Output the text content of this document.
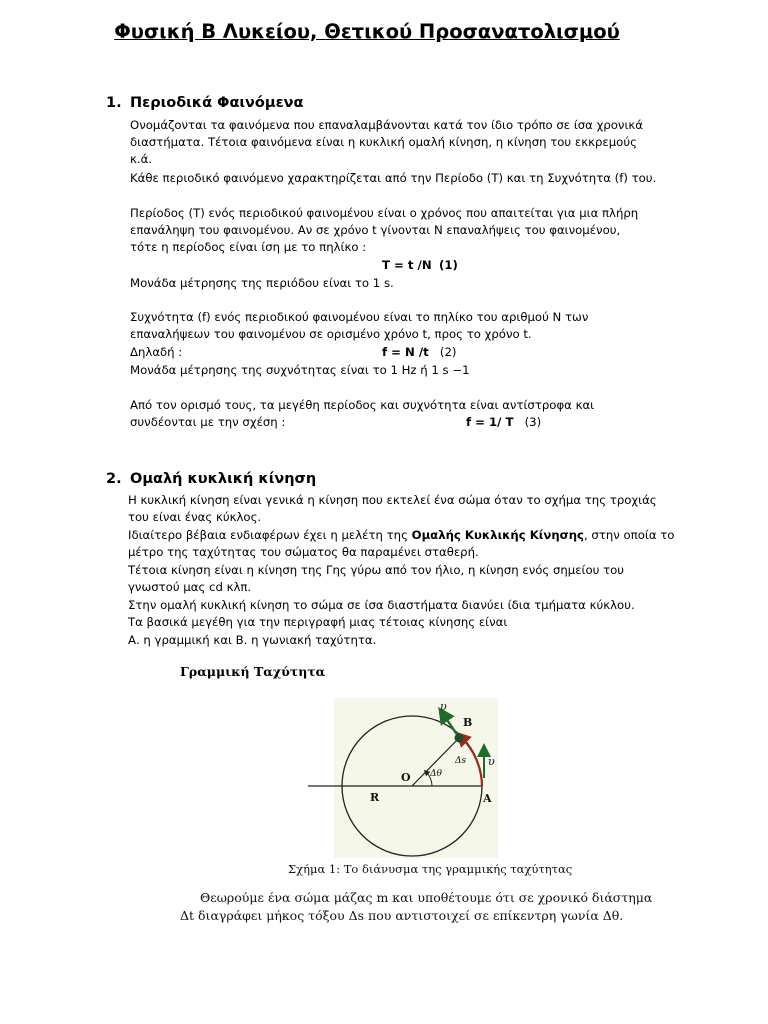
Φυσική Β Λυκείου, Θετικού Προσανατολισμού
1. Περιοδικά Φαινόμενα
Ονομάζονται τα φαινόμενα που επαναλαμβάνονται κατά τον ίδιο τρόπο σε ίσα χρονικά
διαστήματα. Τέτοια φαινόμενα είναι η κυκλική ομαλή κίνηση, η κίνηση του εκκρεμούς
κ.ά.
Κάθε περιοδικό φαινόμενο χαρακτηρίζεται από την Περίοδο (T) και τη Συχνότητα (f) του.
Περίοδος (T) ενός περιοδικού φαινομένου είναι ο χρόνος που απαιτείται για μια πλήρη
επανάληψη του φαινομένου. Αν σε χρόνο t γίνονται N επαναλήψεις του φαινομένου,
τότε η περίοδος είναι ίση με το πηλίκο :
T = t /N (1)
Μονάδα μέτρησης της περιόδου είναι το 1 s.
Συχνότητα (f) ενός περιοδικού φαινομένου είναι το πηλίκο του αριθμού N των
επαναλήψεων του φαινομένου σε ορισμένο χρόνο t, προς το χρόνο t.
Δηλαδή :	f = N /t (2)
Μονάδα μέτρησης της συχνότητας είναι το 1 Hz ή 1 s −1
Από τον ορισμό τους, τα μεγέθη περίοδος και συχνότητα είναι αντίστροφα και
συνδέονται με την σχέση :	f = 1/ T (3)
2. Ομαλή κυκλική κίνηση
Η κυκλική κίνηση είναι γενικά η κίνηση που εκτελεί ένα σώμα όταν το σχήμα της τροχιάς
του είναι ένας κύκλος.
Ιδιαίτερο βέβαια ενδιαφέρων έχει η μελέτη της Ομαλής Κυκλικής Κίνησης, στην οποία το
μέτρο της ταχύτητας του σώματος θα παραμένει σταθερή.
Τέτοια κίνηση είναι η κίνηση της Γης γύρω από τον ήλιο, η κίνηση ενός σημείου του
γνωστού μας cd κλπ.
Στην ομαλή κυκλική κίνηση το σώμα σε ίσα διαστήματα διανύει ίδια τμήματα κύκλου.
Τα βασικά μεγέθη για την περιγραφή μιας τέτοιας κίνησης είναι
Α. η γραμμική και Β. η γωνιακή ταχύτητα.
Γραμμική Ταχύτητα
υ
B
Δs υ
O Δθ
R	A
Σχήμα 1: Το διάνυσμα της γραμμικής ταχύτητας
Θεωρούμε ένα σώμα μάζας m και υποθέτουμε ότι σε χρονικό διάστημα
Δt διαγράφει μήκος τόξου Δs που αντιστοιχεί σε επίκεντρη γωνία Δθ.
